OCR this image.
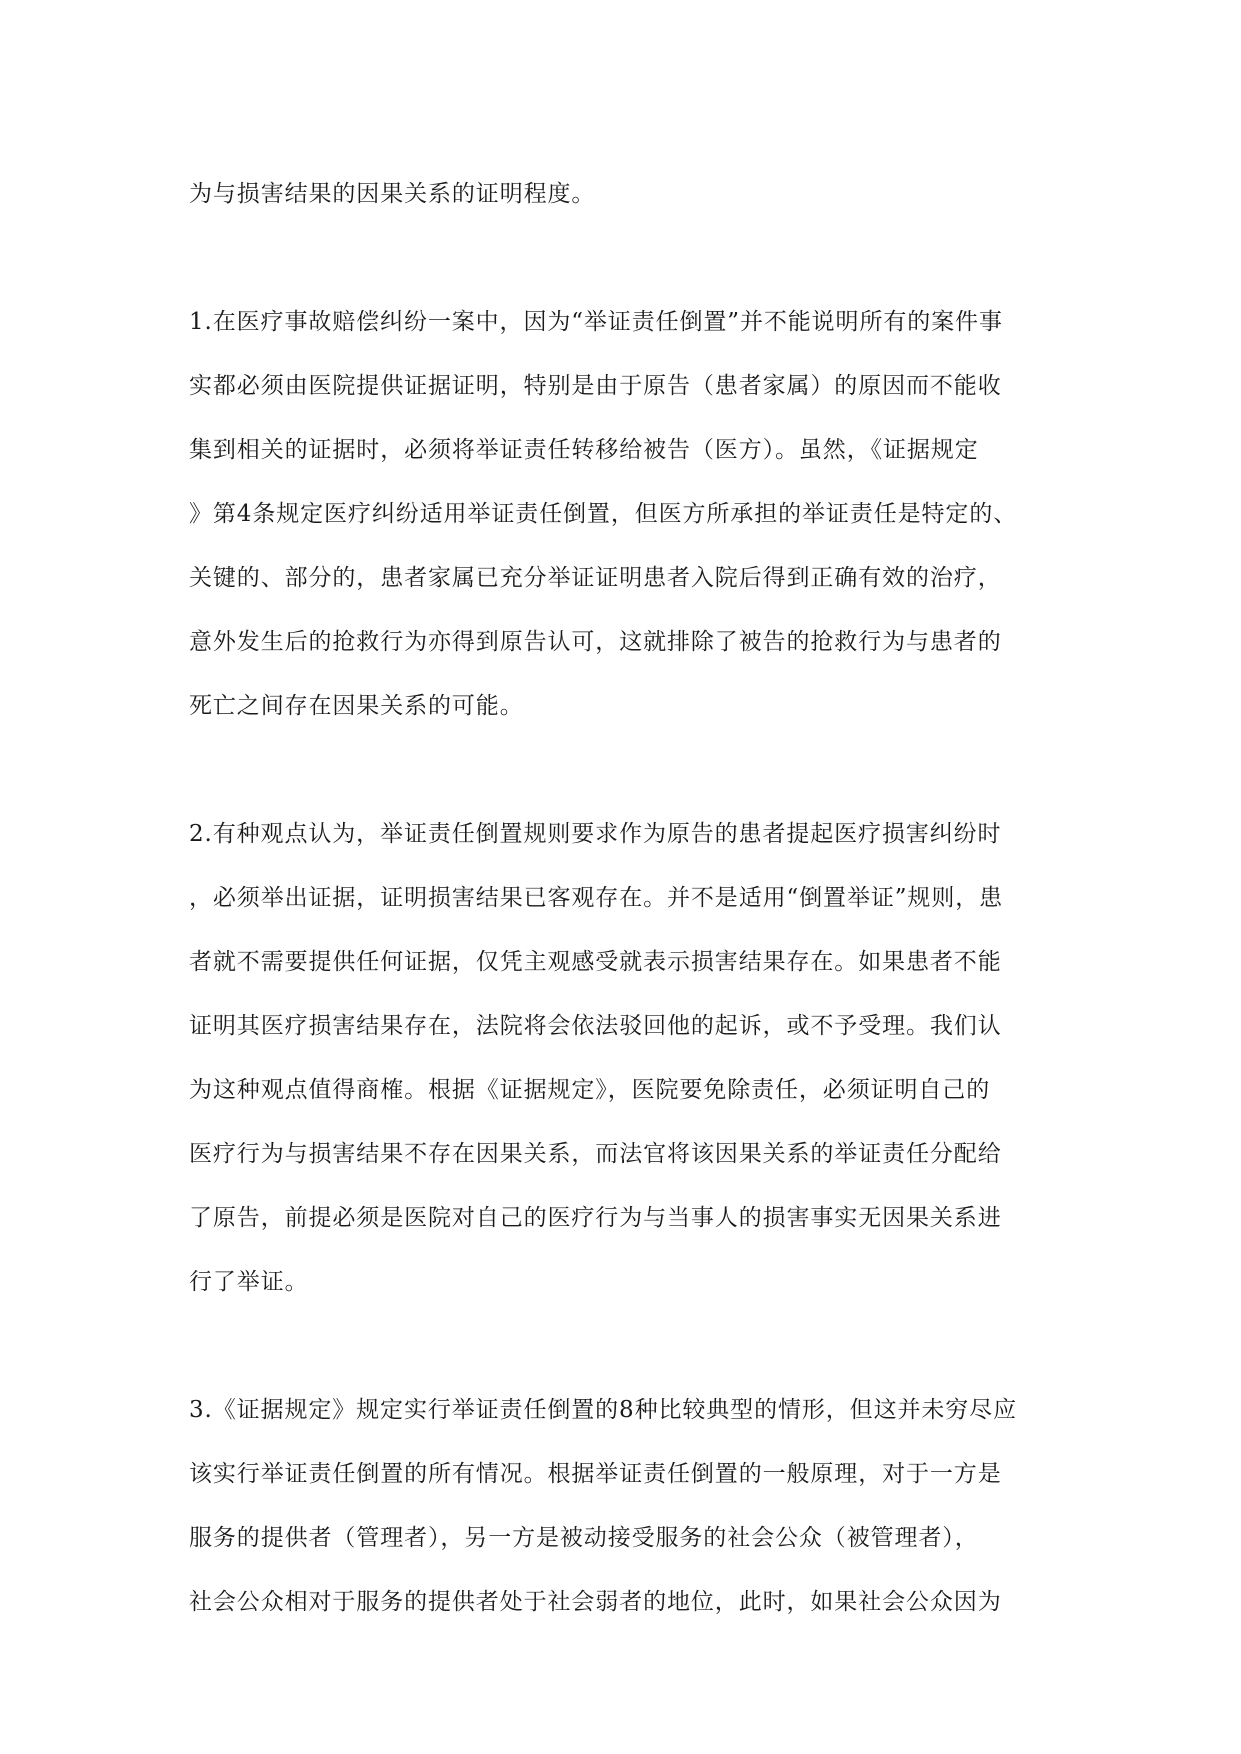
为与损害结果的因果关系的证明程度。
1.在医疗事故赔偿纠纷一案中，因为“举证责任倒置”并不能说明所有的案件事
实都必须由医院提供证据证明，特别是由于原告（患者家属）的原因而不能收
集到相关的证据时，必须将举证责任转移给被告（医方）。虽然，《证据规定
》第4条规定医疗纠纷适用举证责任倒置，但医方所承担的举证责任是特定的、
关键的、部分的，患者家属已充分举证证明患者入院后得到正确有效的治疗，
意外发生后的抢救行为亦得到原告认可，这就排除了被告的抢救行为与患者的
死亡之间存在因果关系的可能。
2.有种观点认为，举证责任倒置规则要求作为原告的患者提起医疗损害纠纷时
，必须举出证据，证明损害结果已客观存在。并不是适用“倒置举证”规则，患
者就不需要提供任何证据，仅凭主观感受就表示损害结果存在。如果患者不能
证明其医疗损害结果存在，法院将会依法驳回他的起诉，或不予受理。我们认
为这种观点值得商榷。根据《证据规定》，医院要免除责任，必须证明自己的
医疗行为与损害结果不存在因果关系，而法官将该因果关系的举证责任分配给
了原告，前提必须是医院对自己的医疗行为与当事人的损害事实无因果关系进
行了举证。
3.《证据规定》规定实行举证责任倒置的8种比较典型的情形，但这并未穷尽应
该实行举证责任倒置的所有情况。根据举证责任倒置的一般原理，对于一方是
服务的提供者（管理者），另一方是被动接受服务的社会公众（被管理者），
社会公众相对于服务的提供者处于社会弱者的地位，此时，如果社会公众因为
